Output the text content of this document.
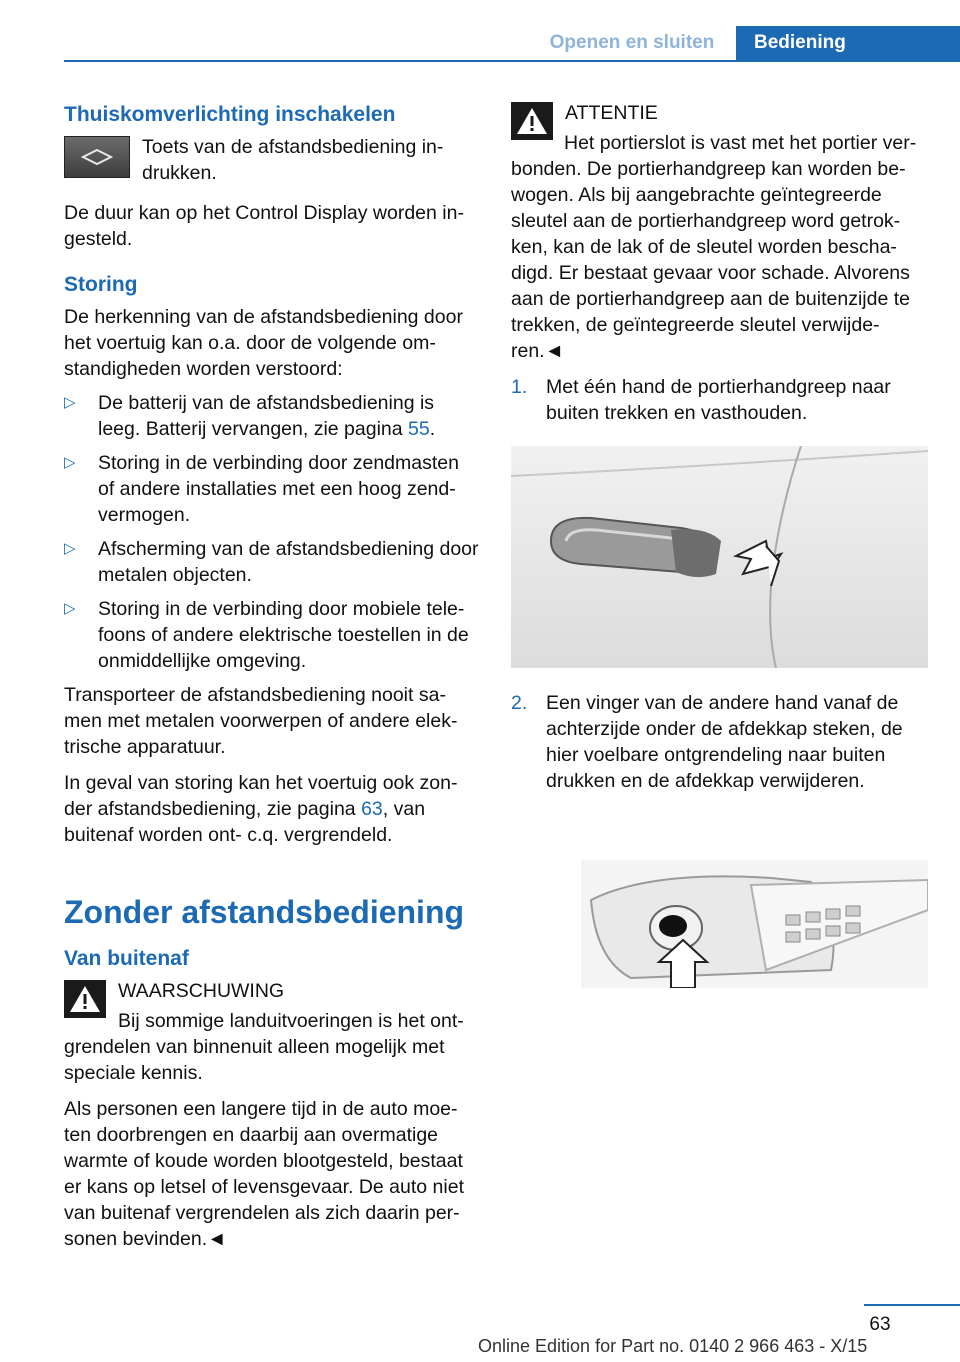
Openen en sluiten	Bediening
Thuiskomverlichting inschakelen
Toets van de afstandsbediening in-drukken.

De duur kan op het Control Display worden in-gesteld.

Storing

De herkenning van de afstandsbediening door het voertuig kan o.a. door de volgende om-standigheden worden verstoord:

▷ De batterij van de afstandsbediening is leeg. Batterij vervangen, zie pagina 55.
▷ Storing in de verbinding door zendmasten of andere installaties met een hoog zend-vermogen.
▷ Afscherming van de afstandsbediening door metalen objecten.
▷ Storing in de verbinding door mobiele tele-foons of andere elektrische toestellen in de onmiddellijke omgeving.

Transporteer de afstandsbediening nooit sa-men met metalen voorwerpen of andere elek-trische apparatuur.

In geval van storing kan het voertuig ook zon-der afstandsbediening, zie pagina 63, van buitenaf worden ont- c.q. vergrendeld.

Zonder afstandsbediening
Van buitenaf
WAARSCHUWING

Bij sommige landuitvoeringen is het ont-grendelen van binnenuit alleen mogelijk met speciale kennis.

Als personen een langere tijd in de auto moe-ten doorbrengen en daarbij aan overmatige warmte of koude worden blootgesteld, bestaat er kans op letsel of levensgevaar. De auto niet van buitenaf vergrendelen als zich daarin per-sonen bevinden.◄

ATTENTIE

Het portierslot is vast met het portier ver-bonden. De portierhandgreep kan worden be-wogen. Als bij aangebrachte geïntegreerde sleutel aan de portierhandgreep word getrok-ken, kan de lak of de sleutel worden bescha-digd. Er bestaat gevaar voor schade. Alvorens aan de portierhandgreep aan de buitenzijde te trekken, de geïntegreerde sleutel verwijde-ren.◄

1. Met één hand de portierhandgreep naar buiten trekken en vasthouden.
2. Een vinger van de andere hand vanaf de achterzijde onder de afdekkap steken, de hier voelbare ontgrendeling naar buiten drukken en de afdekkap verwijderen.
63
Online Edition for Part no. 0140 2 966 463 - X/15
